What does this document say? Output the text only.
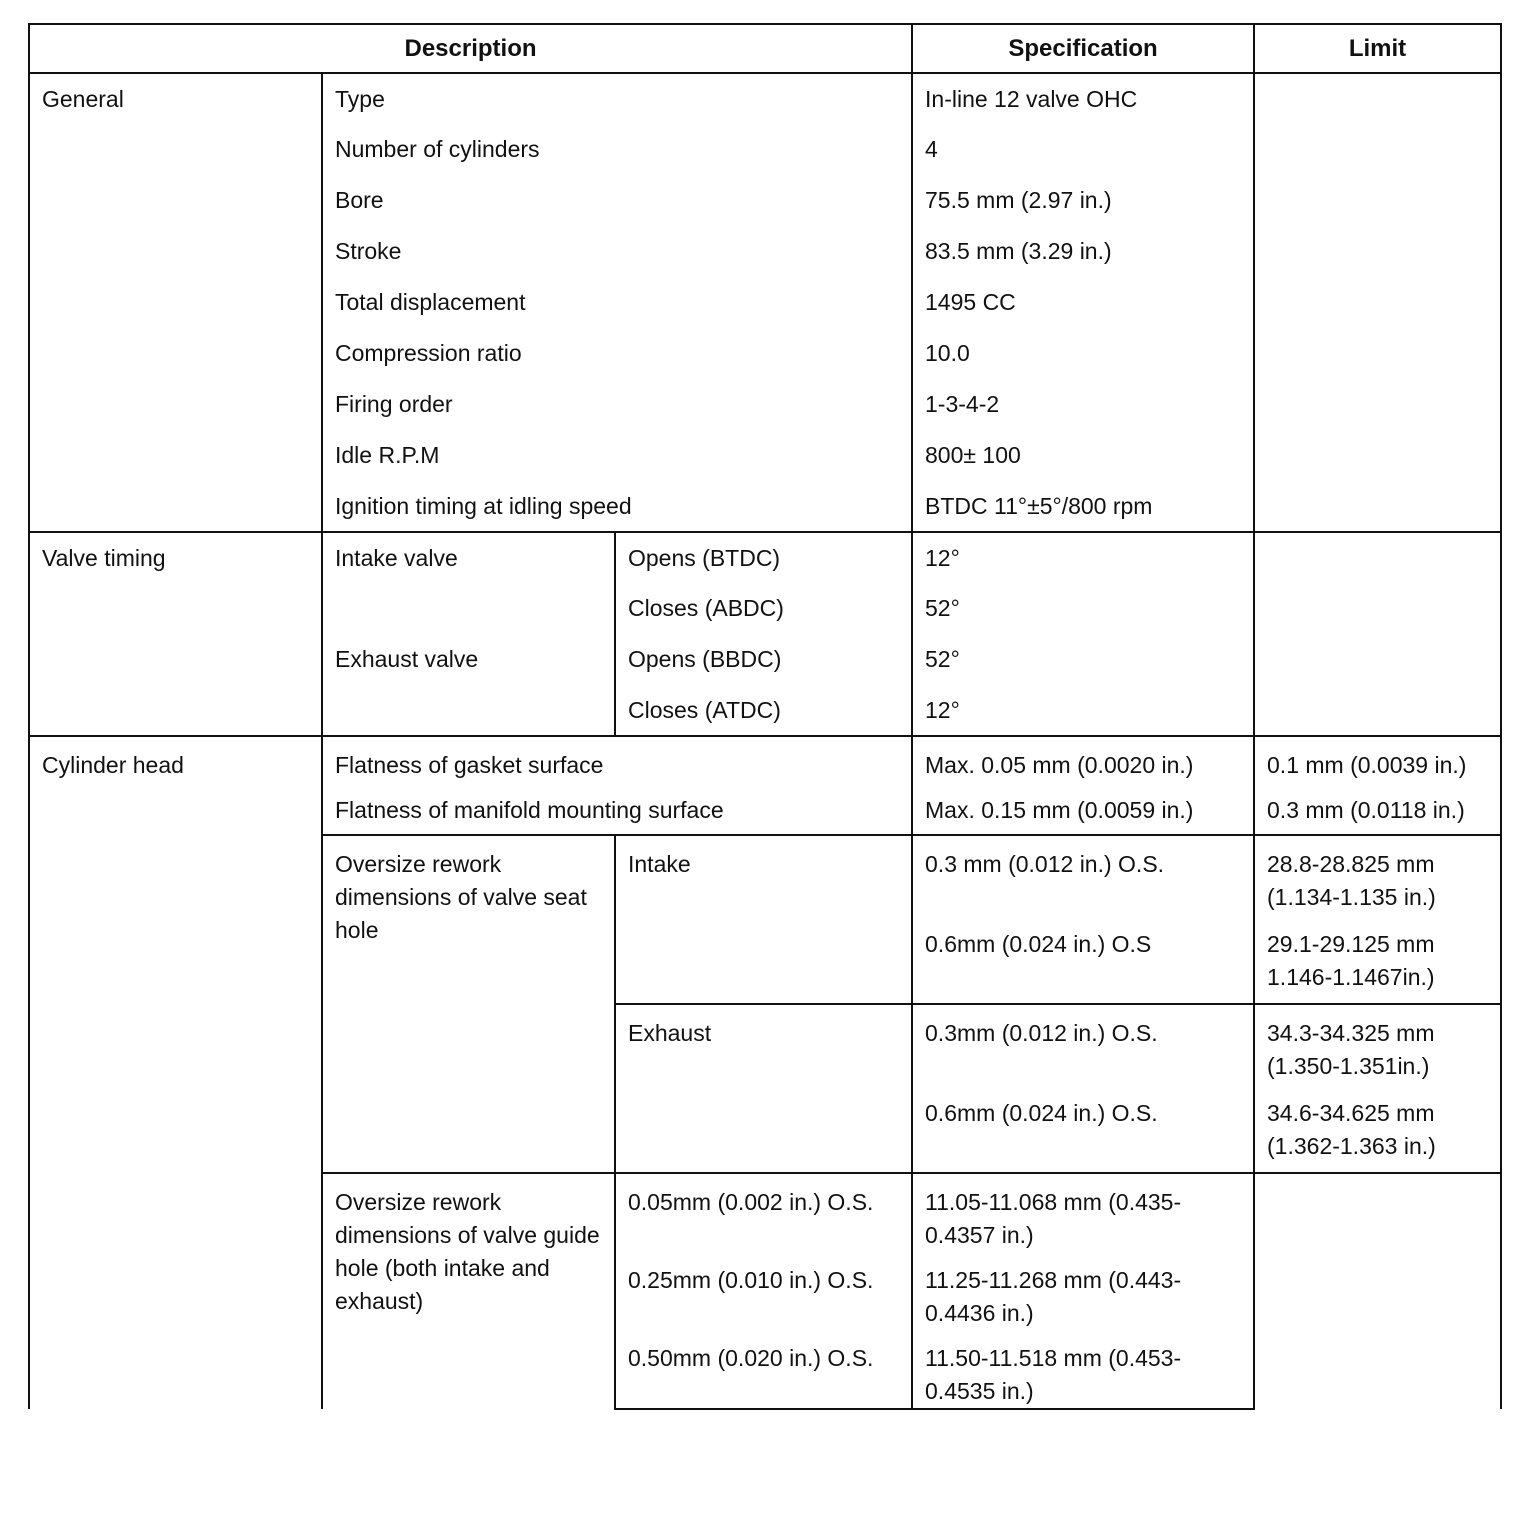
Description			Specification	Limit
General	Type		In-line 12 valve OHC	
	Number of cylinders		4	
	Bore		75.5 mm (2.97 in.)	
	Stroke		83.5 mm (3.29 in.)	
	Total displacement		1495 CC	
	Compression ratio		10.0	
	Firing order		1-3-4-2	
	Idle R.P.M		800± 100	
	Ignition timing at idling speed		BTDC 11°±5°/800 rpm	
Valve timing	Intake valve	Opens (BTDC)	12°	
		Closes (ABDC)	52°	
	Exhaust valve	Opens (BBDC)	52°	
		Closes (ATDC)	12°	
Cylinder head	Flatness of gasket surface		Max. 0.05 mm (0.0020 in.)	0.1 mm (0.0039 in.)
	Flatness of manifold mounting surface		Max. 0.15 mm (0.0059 in.)	0.3 mm (0.0118 in.)
	Oversize rework dimensions of valve seat hole	Intake	0.3 mm (0.012 in.) O.S.	28.8-28.825 mm (1.134-1.135 in.)
			0.6mm (0.024 in.) O.S	29.1-29.125 mm 1.146-1.1467in.)
		Exhaust	0.3mm (0.012 in.) O.S.	34.3-34.325 mm (1.350-1.351in.)
			0.6mm (0.024 in.) O.S.	34.6-34.625 mm (1.362-1.363 in.)
	Oversize rework dimensions of valve guide hole (both intake and exhaust)	0.05mm (0.002 in.) O.S.	11.05-11.068 mm (0.435-0.4357 in.)	
		0.25mm (0.010 in.) O.S.	11.25-11.268 mm (0.443-0.4436 in.)	
		0.50mm (0.020 in.) O.S.	11.50-11.518 mm (0.453-0.4535 in.)	
